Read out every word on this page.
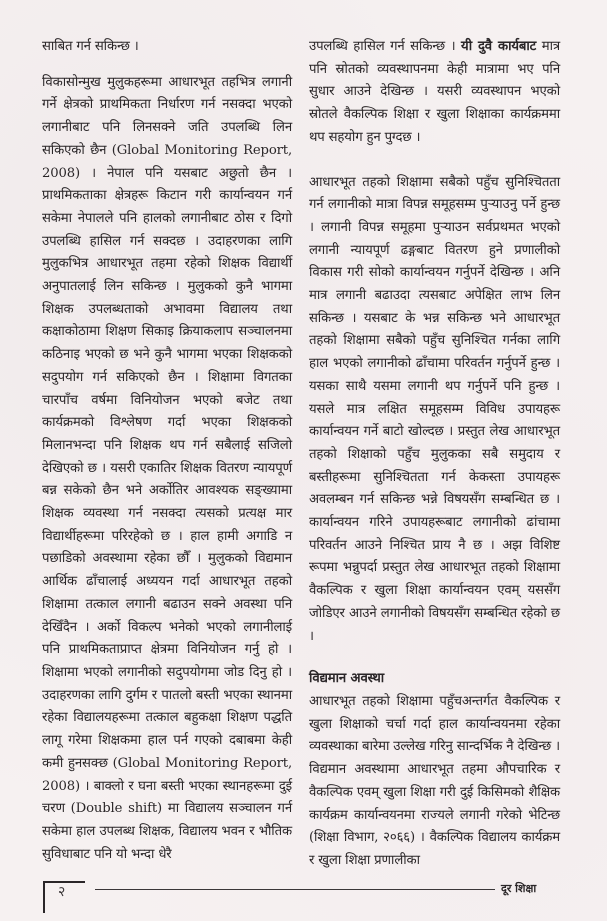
साबित गर्न सकिन्छ ।

विकासोन्मुख मुलुकहरूमा आधारभूत तहभित्र लगानी गर्ने क्षेत्रको प्राथमिकता निर्धारण गर्न नसक्दा भएको लगानीबाट पनि लिनसक्ने जति उपलब्धि लिन सकिएको छैन (Global Monitoring Report, 2008) । नेपाल पनि यसबाट अछुतो छैन । प्राथमिकताका क्षेत्रहरू किटान गरी कार्यान्वयन गर्न सकेमा नेपालले पनि हालको लगानीबाट ठोस र दिगो उपलब्धि हासिल गर्न सक्दछ । उदाहरणका लागि मुलुकभित्र आधारभूत तहमा रहेको शिक्षक विद्यार्थी अनुपातलाई लिन सकिन्छ । मुलुकको कुनै भागमा शिक्षक उपलब्धताको अभावमा विद्यालय तथा कक्षाकोठामा शिक्षण सिकाइ क्रियाकलाप सञ्चालनमा कठिनाइ भएको छ भने कुनै भागमा भएका शिक्षकको सदुपयोग गर्न सकिएको छैन । शिक्षामा विगतका चारपाँच वर्षमा विनियोजन भएको बजेट तथा कार्यक्रमको विश्लेषण गर्दा भएका शिक्षकको मिलानभन्दा पनि शिक्षक थप गर्न सबैलाई सजिलो देखिएको छ । यसरी एकातिर शिक्षक वितरण न्यायपूर्ण बन्न सकेको छैन भने अर्कोतिर आवश्यक सङ्ख्यामा शिक्षक व्यवस्था गर्न नसक्दा त्यसको प्रत्यक्ष मार विद्यार्थीहरूमा परिरहेको छ । हाल हामी अगाडि न पछाडिको अवस्थामा रहेका छौँ । मुलुकको विद्यमान आर्थिक ढाँचालाई अध्ययन गर्दा आधारभूत तहको शिक्षामा तत्काल लगानी बढाउन सक्ने अवस्था पनि देखिँदैन । अर्को विकल्प भनेको भएको लगानीलाई पनि प्राथमिकताप्राप्त क्षेत्रमा विनियोजन गर्नु हो । शिक्षामा भएको लगानीको सदुपयोगमा जोड दिनु हो । उदाहरणका लागि दुर्गम र पातलो बस्ती भएका स्थानमा रहेका विद्यालयहरूमा तत्काल बहुकक्षा शिक्षण पद्धति लागू गरेमा शिक्षकमा हाल पर्न गएको दबाबमा केही कमी हुनसक्छ (Global Monitoring Report, 2008) । बाक्लो र घना बस्ती भएका स्थानहरूमा दुई चरण (Double shift) मा विद्यालय सञ्चालन गर्न सकेमा हाल उपलब्ध शिक्षक, विद्यालय भवन र भौतिक सुविधाबाट पनि यो भन्दा धेरै

उपलब्धि हासिल गर्न सकिन्छ । यी दुवै कार्यबाट मात्र पनि स्रोतको व्यवस्थापनमा केही मात्रामा भए पनि सुधार आउने देखिन्छ । यसरी व्यवस्थापन भएको स्रोतले वैकल्पिक शिक्षा र खुला शिक्षाका कार्यक्रममा थप सहयोग हुन पुग्दछ ।

आधारभूत तहको शिक्षामा सबैको पहुँच सुनिश्चितता गर्न लगानीको मात्रा विपन्न समूहसम्म पुऱ्याउनु पर्ने हुन्छ । लगानी विपन्न समूहमा पुऱ्याउन सर्वप्रथमत भएको लगानी न्यायपूर्ण ढङ्गबाट वितरण हुने प्रणालीको विकास गरी सोको कार्यान्वयन गर्नुपर्ने देखिन्छ । अनि मात्र लगानी बढाउदा त्यसबाट अपेक्षित लाभ लिन सकिन्छ । यसबाट के भन्न सकिन्छ भने आधारभूत तहको शिक्षामा सबैको पहुँच सुनिश्चित गर्नका लागि हाल भएको लगानीको ढाँचामा परिवर्तन गर्नुपर्ने हुन्छ । यसका साथै यसमा लगानी थप गर्नुपर्ने पनि हुन्छ । यसले मात्र लक्षित समूहसम्म विविध उपायहरू कार्यान्वयन गर्ने बाटो खोल्दछ । प्रस्तुत लेख आधारभूत तहको शिक्षाको पहुँच मुलुकका सबै समुदाय र बस्तीहरूमा सुनिश्चितता गर्न केकस्ता उपायहरू अवलम्बन गर्न सकिन्छ भन्ने विषयसँग सम्बन्धित छ । कार्यान्वयन गरिने उपायहरूबाट लगानीको ढांचामा परिवर्तन आउने निश्चित प्राय नै छ । अझ विशिष्ट रूपमा भन्नुपर्दा प्रस्तुत लेख आधारभूत तहको शिक्षामा वैकल्पिक र खुला शिक्षा कार्यान्वयन एवम् यससँग जोडिएर आउने लगानीको विषयसँग सम्बन्धित रहेको छ ।

विद्यमान अवस्था

आधारभूत तहको शिक्षामा पहुँचअन्तर्गत वैकल्पिक र खुला शिक्षाको चर्चा गर्दा हाल कार्यान्वयनमा रहेका व्यवस्थाका बारेमा उल्लेख गरिनु सान्दर्भिक नै देखिन्छ । विद्यमान अवस्थामा आधारभूत तहमा औपचारिक र वैकल्पिक एवम् खुला शिक्षा गरी दुई किसिमको शैक्षिक कार्यक्रम कार्यान्वयनमा राज्यले लगानी गरेको भेटिन्छ (शिक्षा विभाग, २०६६) । वैकल्पिक विद्यालय कार्यक्रम र खुला शिक्षा प्रणालीका

२	दूर शिक्षा
